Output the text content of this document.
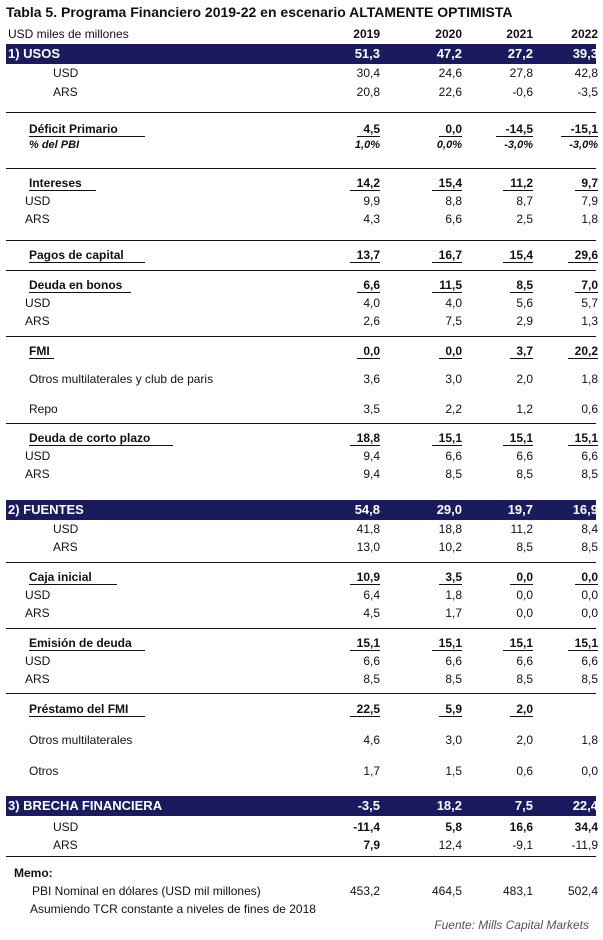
Tabla 5. Programa Financiero 2019-22 en escenario ALTAMENTE OPTIMISTA
USD miles de millones	2019	2020	2021	2022
1) USOS	51,3	47,2	27,2	39,3
USD	30,4	24,6	27,8	42,8
ARS	20,8	22,6	-0,6	-3,5
Déficit Primario	4,5	0,0	-14,5	-15,1
% del PBI	1,0%	0,0%	-3,0%	-3,0%
Intereses	14,2	15,4	11,2	9,7
USD	9,9	8,8	8,7	7,9
ARS	4,3	6,6	2,5	1,8
Pagos de capital	13,7	16,7	15,4	29,6
Deuda en bonos	6,6	11,5	8,5	7,0
USD	4,0	4,0	5,6	5,7
ARS	2,6	7,5	2,9	1,3
FMI	0,0	0,0	3,7	20,2
Otros multilaterales y club de paris	3,6	3,0	2,0	1,8
Repo	3,5	2,2	1,2	0,6
Deuda de corto plazo	18,8	15,1	15,1	15,1
USD	9,4	6,6	6,6	6,6
ARS	9,4	8,5	8,5	8,5
2) FUENTES	54,8	29,0	19,7	16,9
USD	41,8	18,8	11,2	8,4
ARS	13,0	10,2	8,5	8,5
Caja inicial	10,9	3,5	0,0	0,0
USD	6,4	1,8	0,0	0,0
ARS	4,5	1,7	0,0	0,0
Emisión de deuda	15,1	15,1	15,1	15,1
USD	6,6	6,6	6,6	6,6
ARS	8,5	8,5	8,5	8,5
Préstamo del FMI	22,5	5,9	2,0
Otros multilaterales	4,6	3,0	2,0	1,8
Otros	1,7	1,5	0,6	0,0
3) BRECHA FINANCIERA	-3,5	18,2	7,5	22,4
USD	-11,4	5,8	16,6	34,4
ARS	7,9	12,4	-9,1	-11,9
Memo:
PBI Nominal en dólares (USD mil millones)	453,2	464,5	483,1	502,4
Asumiendo TCR constante a niveles de fines de 2018
Fuente: Mills Capital Markets
